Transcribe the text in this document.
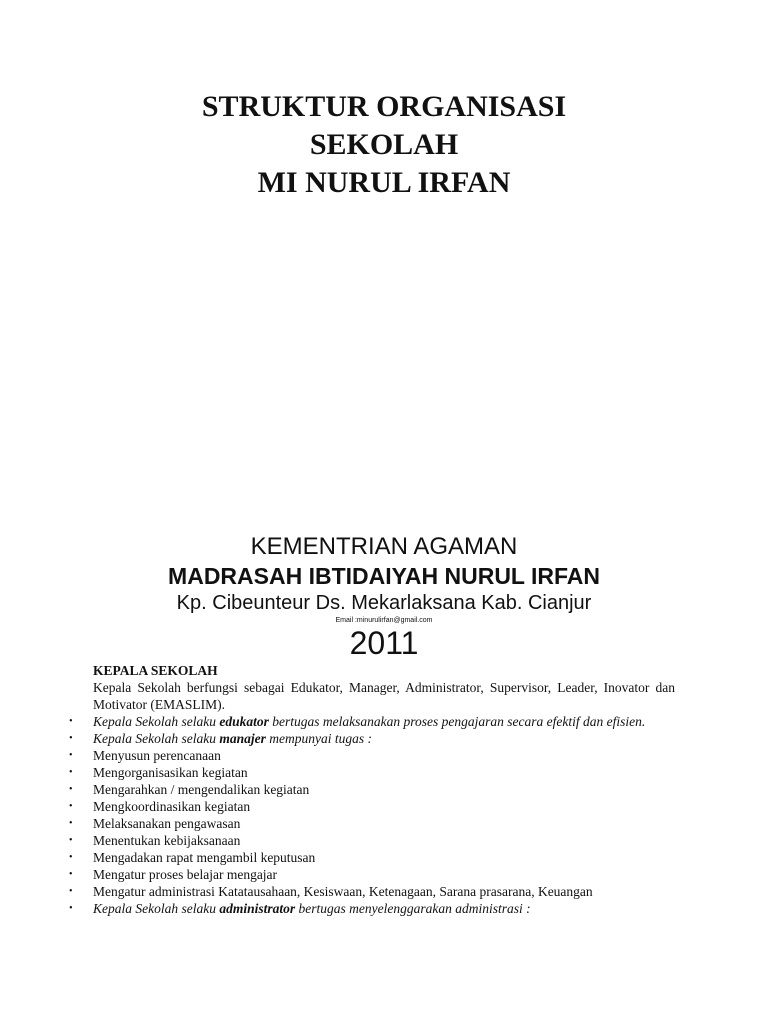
STRUKTUR ORGANISASI
SEKOLAH
MI NURUL IRFAN
KEMENTRIAN AGAMAN
MADRASAH IBTIDAIYAH NURUL IRFAN
Kp. Cibeunteur Ds. Mekarlaksana Kab. Cianjur
Email :minurulirfan@gmail.com
2011
KEPALA SEKOLAH
Kepala Sekolah berfungsi sebagai Edukator, Manager, Administrator, Supervisor, Leader, Inovator dan Motivator (EMASLIM).
• Kepala Sekolah selaku edukator bertugas melaksanakan proses pengajaran secara efektif dan efisien.
• Kepala Sekolah selaku manajer mempunyai tugas :
• Menyusun perencanaan
• Mengorganisasikan kegiatan
• Mengarahkan / mengendalikan kegiatan
• Mengkoordinasikan kegiatan
• Melaksanakan pengawasan
• Menentukan kebijaksanaan
• Mengadakan rapat mengambil keputusan
• Mengatur proses belajar mengajar
• Mengatur administrasi Katatausahaan, Kesiswaan, Ketenagaan, Sarana prasarana, Keuangan
• Kepala Sekolah selaku administrator bertugas menyelenggarakan administrasi :
